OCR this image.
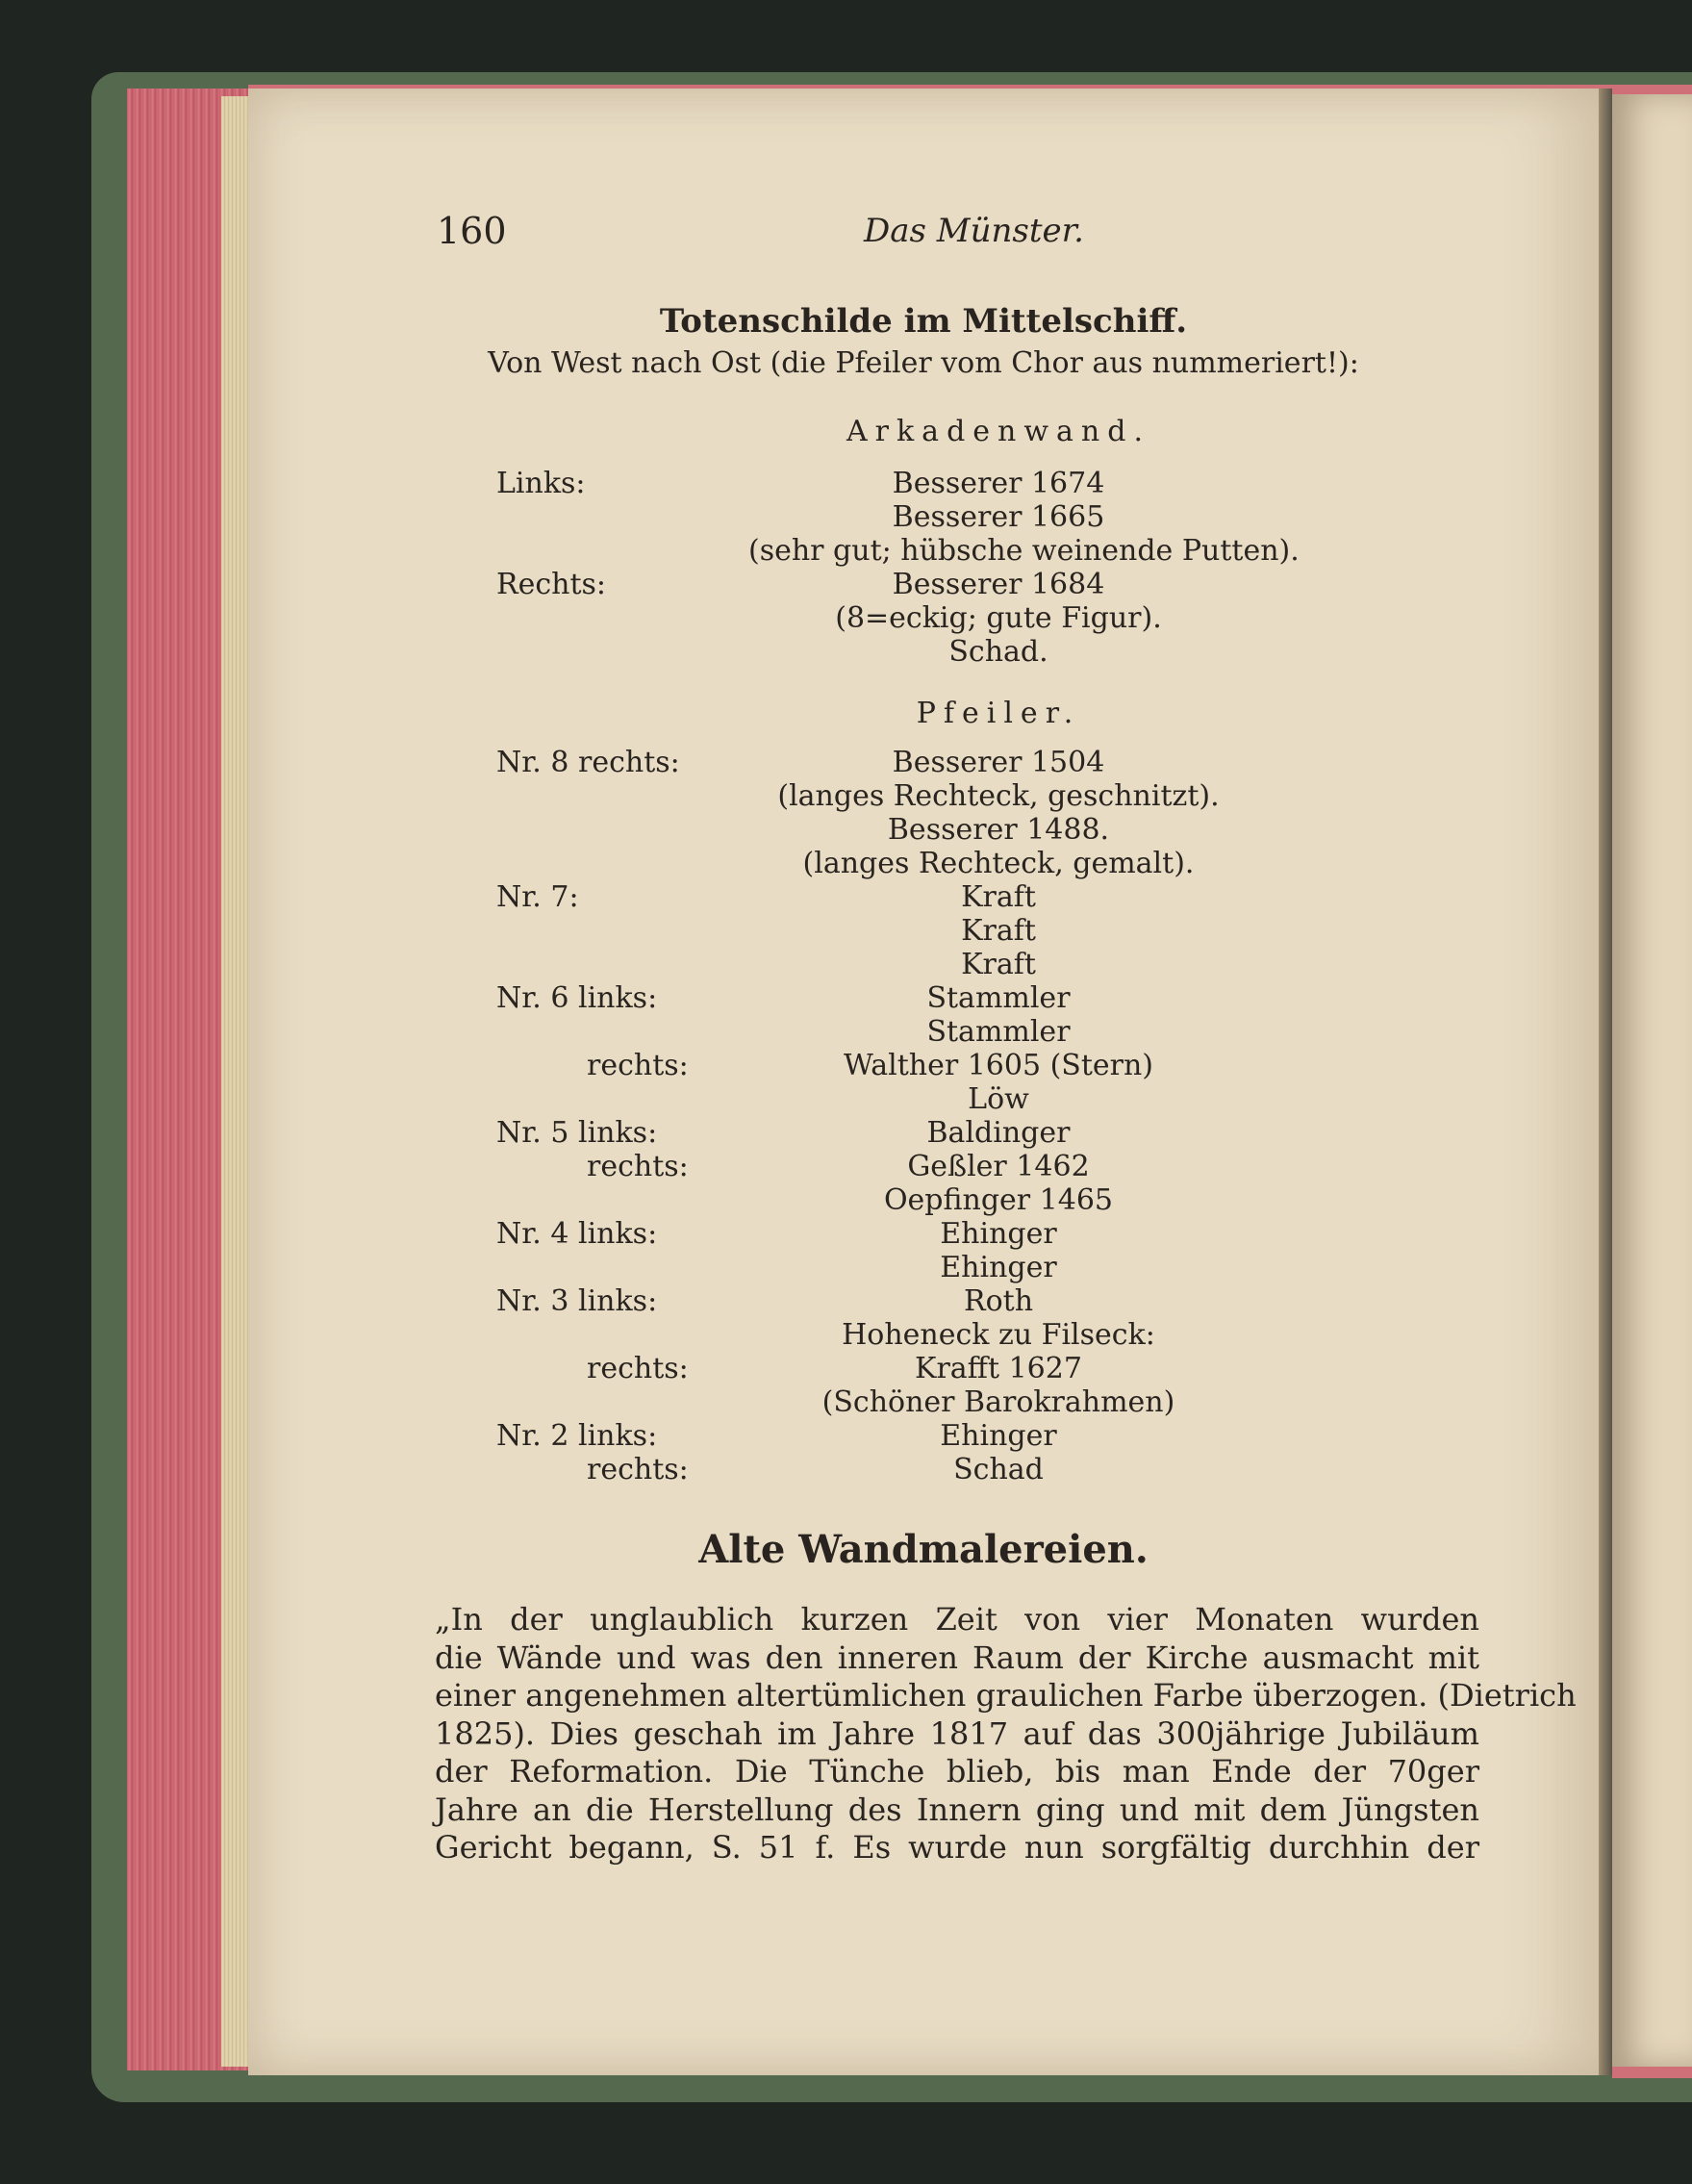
160	Das Münster.
Totenschilde im Mittelschiff.
Von West nach Ost (die Pfeiler vom Chor aus nummeriert!):
Arkadenwand.
Links:	Besserer 1674
Besserer 1665
(sehr gut; hübsche weinende Putten).
Rechts:	Besserer 1684
(8=eckig; gute Figur).
Schad.
Pfeiler.
Nr. 8 rechts:	Besserer 1504
(langes Rechteck, geschnitzt).
Besserer 1488.
(langes Rechteck, gemalt).
Nr. 7:	Kraft
Kraft
Kraft
Nr. 6 links:	Stammler
Stammler
rechts:	Walther 1605 (Stern)
Löw
Nr. 5 links:	Baldinger
rechts:	Geßler 1462
Oepfinger 1465
Nr. 4 links:	Ehinger
Ehinger
Nr. 3 links:	Roth
Hoheneck zu Filseck:
rechts:	Krafft 1627
(Schöner Barokrahmen)
Nr. 2 links:	Ehinger
rechts:	Schad
Alte Wandmalereien.
„In der unglaublich kurzen Zeit von vier Monaten wurden
die Wände und was den inneren Raum der Kirche ausmacht mit
einer angenehmen altertümlichen graulichen Farbe überzogen. (Dietrich
1825). Dies geschah im Jahre 1817 auf das 300jährige Jubiläum
der Reformation. Die Tünche blieb, bis man Ende der 70ger
Jahre an die Herstellung des Innern ging und mit dem Jüngsten
Gericht begann, S. 51 f. Es wurde nun sorgfältig durchhin der
